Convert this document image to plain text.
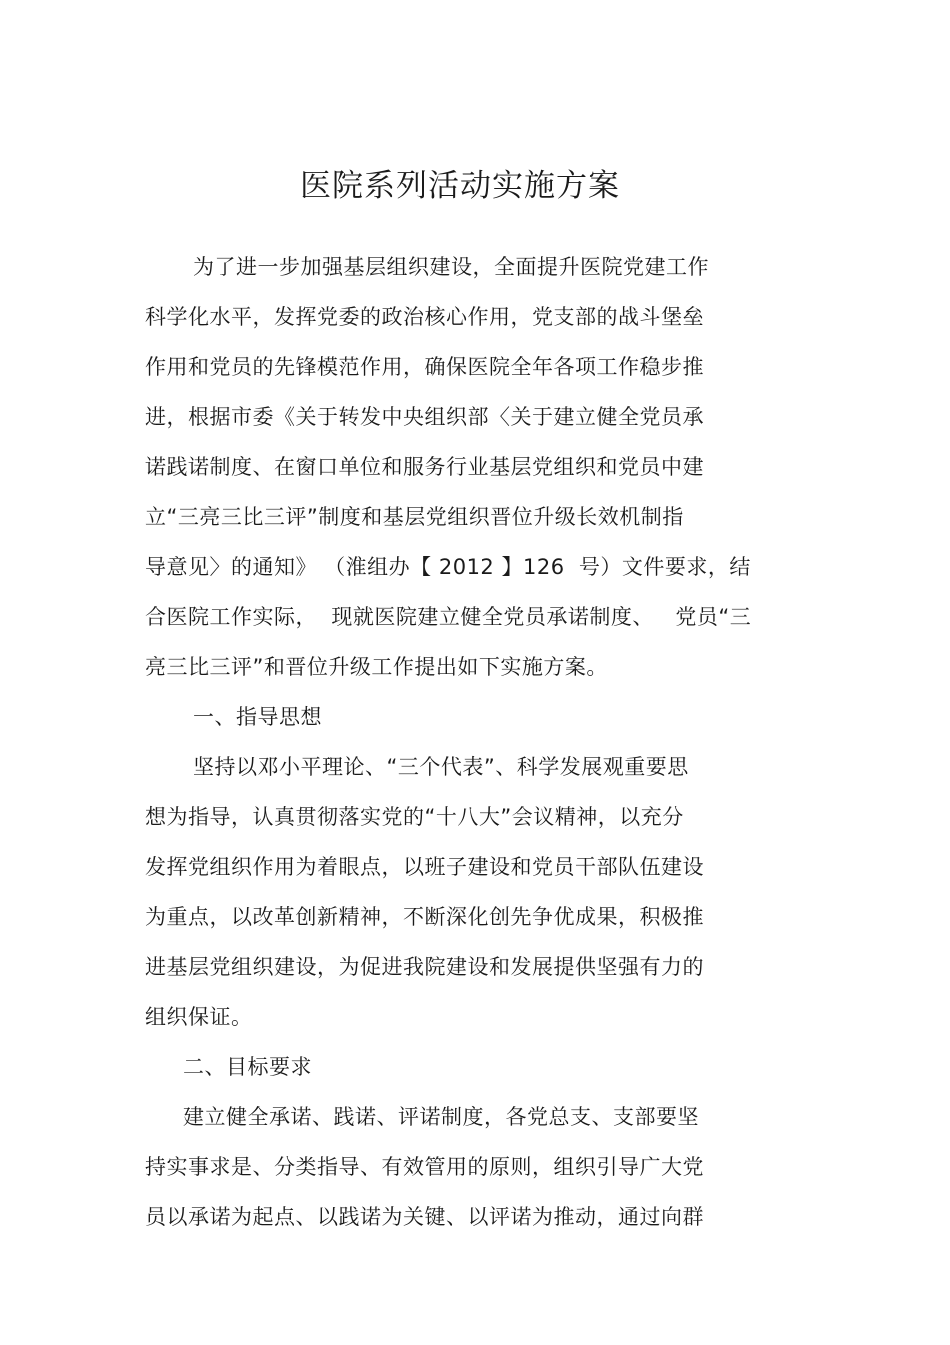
医院系列活动实施方案
为了进一步加强基层组织建设，全面提升医院党建工作
科学化水平，发挥党委的政治核心作用，党支部的战斗堡垒
作用和党员的先锋模范作用，确保医院全年各项工作稳步推
进，根据市委《关于转发中央组织部〈关于建立健全党员承
诺践诺制度、在窗口单位和服务行业基层党组织和党员中建
立“三亮三比三评”制度和基层党组织晋位升级长效机制指
导意见〉的通知》 （淮组办【 2012 】126  号）文件要求，结
合医院工作实际，  现就医院建立健全党员承诺制度、   党员“三
亮三比三评”和晋位升级工作提出如下实施方案。
一、指导思想
坚持以邓小平理论、“三个代表”、科学发展观重要思
想为指导，认真贯彻落实党的“十八大”会议精神，以充分
发挥党组织作用为着眼点，以班子建设和党员干部队伍建设
为重点，以改革创新精神，不断深化创先争优成果，积极推
进基层党组织建设，为促进我院建设和发展提供坚强有力的
组织保证。
二、目标要求
建立健全承诺、践诺、评诺制度，各党总支、支部要坚
持实事求是、分类指导、有效管用的原则，组织引导广大党
员以承诺为起点、以践诺为关键、以评诺为推动，通过向群
